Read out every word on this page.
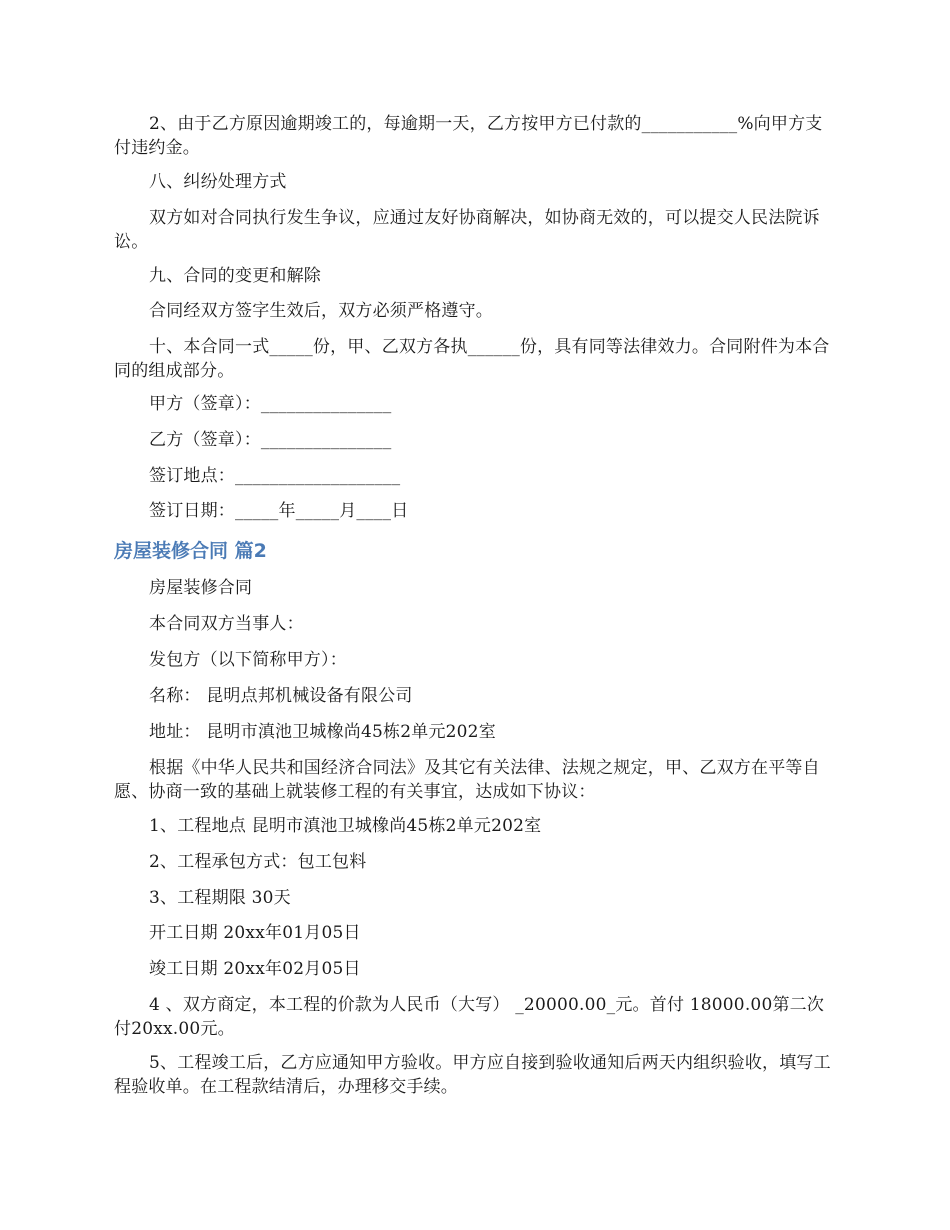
2、由于乙方原因逾期竣工的，每逾期一天，乙方按甲方已付款的___________%向甲方支付违约金。

八、纠纷处理方式

双方如对合同执行发生争议，应通过友好协商解决，如协商无效的，可以提交人民法院诉讼。

九、合同的变更和解除

合同经双方签字生效后，双方必须严格遵守。

十、本合同一式_____份，甲、乙双方各执______份，具有同等法律效力。合同附件为本合同的组成部分。

甲方（签章）：_______________

乙方（签章）：_______________

签订地点：___________________

签订日期：_____年_____月____日

房屋装修合同 篇2

房屋装修合同

本合同双方当事人：

发包方（以下简称甲方）：

名称： 昆明点邦机械设备有限公司

地址： 昆明市滇池卫城橡尚45栋2单元202室

根据《中华人民共和国经济合同法》及其它有关法律、法规之规定，甲、乙双方在平等自愿、协商一致的基础上就装修工程的有关事宜，达成如下协议：

1、工程地点 昆明市滇池卫城橡尚45栋2单元202室

2、工程承包方式：包工包料

3、工程期限 30天

开工日期 20xx年01月05日

竣工日期 20xx年02月05日

4 、双方商定，本工程的价款为人民币（大写） _20000.00_元。首付 18000.00第二次付20xx.00元。

5、工程竣工后，乙方应通知甲方验收。甲方应自接到验收通知后两天内组织验收，填写工程验收单。在工程款结清后，办理移交手续。
